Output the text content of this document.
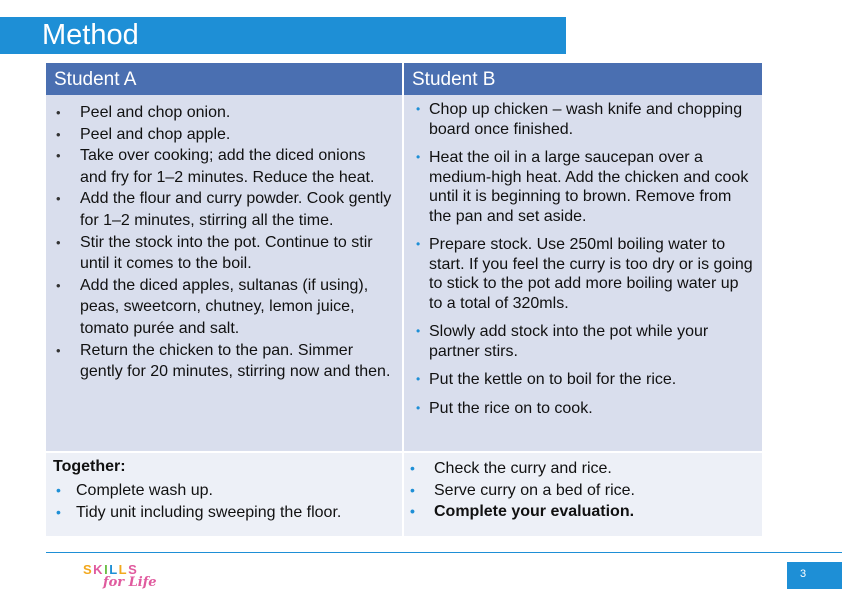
Method
Student A	Student B
• Peel and chop onion.
• Peel and chop apple.
• Take over cooking; add the diced onions and fry for 1–2 minutes. Reduce the heat.
• Add the flour and curry powder. Cook gently for 1–2 minutes, stirring all the time.
• Stir the stock into the pot. Continue to stir until it comes to the boil.
• Add the diced apples, sultanas (if using), peas, sweetcorn, chutney, lemon juice, tomato purée and salt.
• Return the chicken to the pan. Simmer gently for 20 minutes, stirring now and then.
• Chop up chicken – wash knife and chopping board once finished.
• Heat the oil in a large saucepan over a medium-high heat. Add the chicken and cook until it is beginning to brown. Remove from the pan and set aside.
• Prepare stock. Use 250ml boiling water to start. If you feel the curry is too dry or is going to stick to the pot add more boiling water up to a total of 320mls.
• Slowly add stock into the pot while your partner stirs.
• Put the kettle on to boil for the rice.
• Put the rice on to cook.
Together:
• Complete wash up.
• Tidy unit including sweeping the floor.
• Check the curry and rice.
• Serve curry on a bed of rice.
• Complete your evaluation.
SKILLS
for Life
3
